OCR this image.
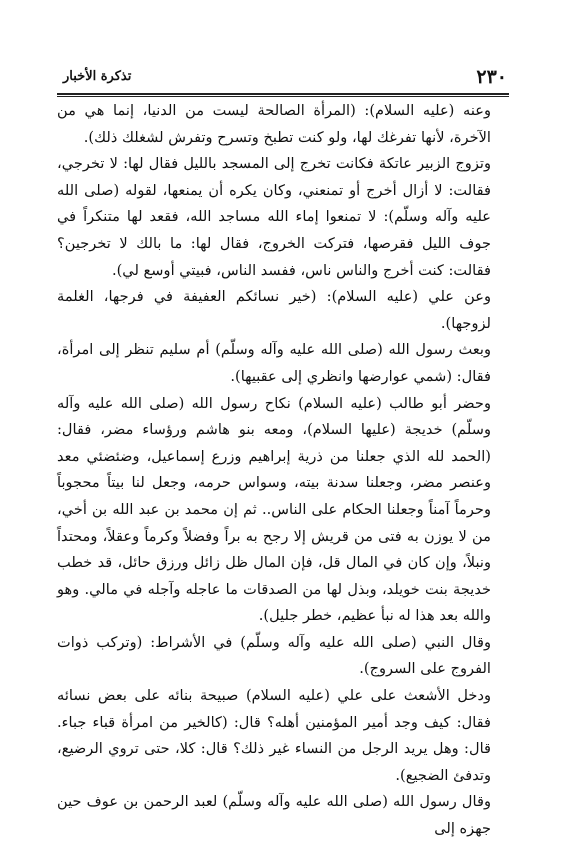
٢٣٠
تذكرة الأخبار

وعنه (عليه السلام): (المرأة الصالحة ليست من الدنيا، إنما هي من الآخرة، لأنها تفرغك لها، ولو كنت تطبخ وتسرح وتفرش لشغلك ذلك).

وتزوج الزبير عاتكة فكانت تخرج إلى المسجد بالليل فقال لها: لا تخرجي، فقالت: لا أزال أخرج أو تمنعني، وكان يكره أن يمنعها، لقوله (صلى الله عليه وآله وسلّم): لا تمنعوا إماء الله مساجد الله، فقعد لها متنكراً في جوف الليل فقرصها، فتركت الخروج، فقال لها: ما بالك لا تخرجين؟ فقالت: كنت أخرج والناس ناس، ففسد الناس، فبيتي أوسع لي).

وعن علي (عليه السلام): (خير نسائكم العفيفة في فرجها، الغلمة لزوجها).

وبعث رسول الله (صلى الله عليه وآله وسلّم) أم سليم تنظر إلى امرأة، فقال: (شمي عوارضها وانظري إلى عقبيها).

وحضر أبو طالب (عليه السلام) نكاح رسول الله (صلى الله عليه وآله وسلّم) خديجة (عليها السلام)، ومعه بنو هاشم ورؤساء مضر، فقال: (الحمد لله الذي جعلنا من ذرية إبراهيم وزرع إسماعيل، وضئضئي معد وعنصر مضر، وجعلنا سدنة بيته، وسواس حرمه، وجعل لنا بيتاً محجوباً وحرماً آمناً وجعلنا الحكام على الناس.. ثم إن محمد بن عبد الله بن أخي، من لا يوزن به فتى من قريش إلا رجح به براً وفضلاً وكرماً وعقلاً، ومحتداً ونبلاً، وإن كان في المال قل، فإن المال ظل زائل ورزق حائل، قد خطب خديجة بنت خويلد، وبذل لها من الصدقات ما عاجله وآجله في مالي. وهو والله بعد هذا له نبأ عظيم، خطر جليل).

وقال النبي (صلى الله عليه وآله وسلّم) في الأشراط: (وتركب ذوات الفروج على السروج).

ودخل الأشعث على علي (عليه السلام) صبيحة بنائه على بعض نسائه فقال: كيف وجد أمير المؤمنين أهله؟ قال: (كالخير من امرأة قباء جباء. قال: وهل يريد الرجل من النساء غير ذلك؟ قال: كلا، حتى تروي الرضيع، وتدفئ الضجيع).

وقال رسول الله (صلى الله عليه وآله وسلّم) لعبد الرحمن بن عوف حين جهزه إلى
